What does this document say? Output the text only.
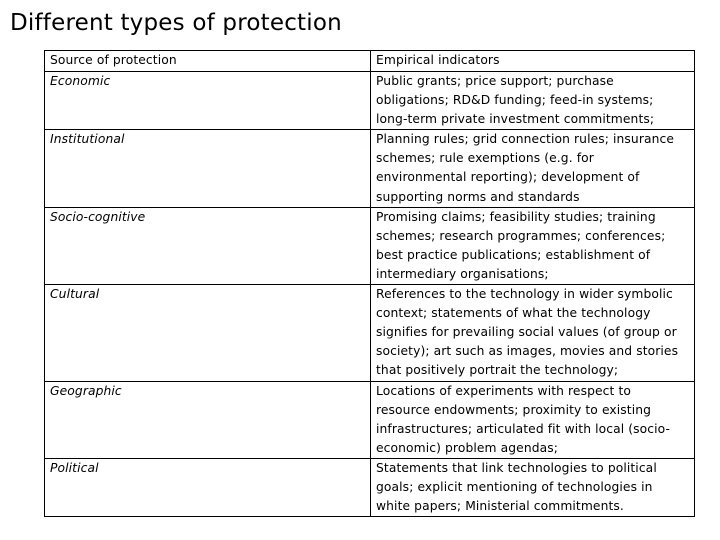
Different types of protection
Source of protection	Empirical indicators
Economic	Public grants; price support; purchase obligations; RD&D funding; feed-in systems; long-term private investment commitments;
Institutional	Planning rules; grid connection rules; insurance schemes; rule exemptions (e.g. for environmental reporting); development of supporting norms and standards
Socio-cognitive	Promising claims; feasibility studies; training schemes; research programmes; conferences; best practice publications; establishment of intermediary organisations;
Cultural	References to the technology in wider symbolic context; statements of what the technology signifies for prevailing social values (of group or society); art such as images, movies and stories that positively portrait the technology;
Geographic	Locations of experiments with respect to resource endowments; proximity to existing infrastructures; articulated fit with local (socio-economic) problem agendas;
Political	Statements that link technologies to political goals; explicit mentioning of technologies in white papers; Ministerial commitments.
